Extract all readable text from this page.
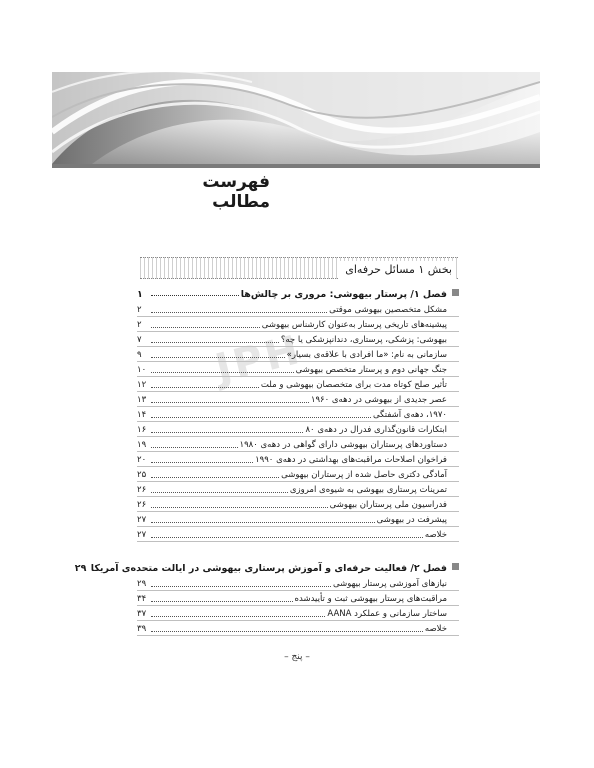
فهرست مطالب
بخش ۱ مسائل حرفه‌ای
JPH
فصل ۱/ پرستار بیهوشی: مروری بر چالش‌ها
۱
مشکل متخصصین بیهوشی موقتی
۲
پیشینه‌های تاریخی پرستار به‌عنوان کارشناس بیهوشی
۲
بیهوشی: پزشکی، پرستاری، دندانپزشکی یا چه؟
۷
سازمانی به نام: «ما افرادی با علاقه‌ی بسیار»
۹
جنگ جهانی دوم و پرستار متخصص بیهوشی
۱۰
تأثیر صلح کوتاه مدت برای متخصصان بیهوشی و ملت
۱۲
عصر جدیدی از بیهوشی در دهه‌ی ۱۹۶۰
۱۳
۱۹۷۰، دهه‌ی آشفتگی
۱۴
ابتکارات قانون‌گذاری فدرال در دهه‌ی ۸۰
۱۶
دستاوردهای پرستاران بیهوشی دارای گواهی در دهه‌ی ۱۹۸۰
۱۹
فراخوان اصلاحات مراقبت‌های بهداشتی در دهه‌ی ۱۹۹۰
۲۰
آمادگی دکتری حاصل شده از پرستاران بیهوشی
۲۵
تمرینات پرستاری بیهوشی به شیوه‌ی امروزی
۲۶
فدراسیون ملی پرستاران بیهوشی
۲۶
پیشرفت در بیهوشی
۲۷
خلاصه
۲۷
فصل ۲/ فعالیت حرفه‌ای و آموزش پرستاری بیهوشی در ایالت متحده‌ی آمریکا
۲۹
نیازهای آموزشی پرستار بیهوشی
۲۹
مراقبت‌های پرستار بیهوشی ثبت و تأییدشده
۳۴
ساختار سازمانی و عملکرد AANA
۳۷
خلاصه
۳۹
– پنج –
